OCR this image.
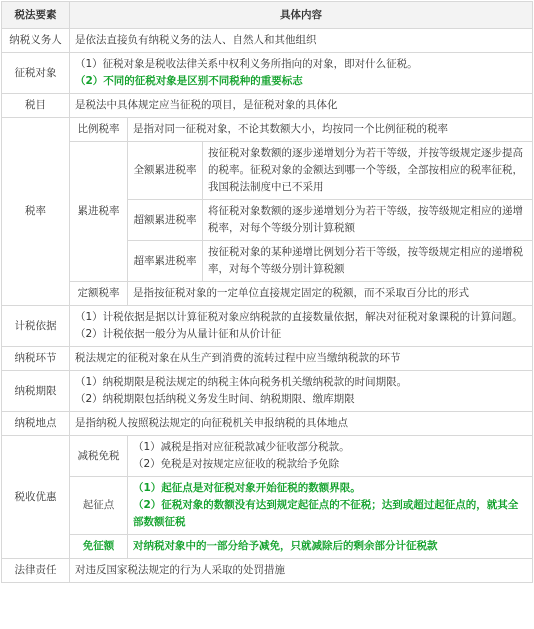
税法要素	具体内容		
纳税义务人	是依法直接负有纳税义务的法人、自然人和其他组织		
征税对象	（1）征税对象是税收法律关系中权利义务所指向的对象，即对什么征税。
（2）不同的征税对象是区别不同税种的重要标志		

税目	是税法中具体规定应当征税的项目，是征税对象的具体化		
税率	比例税率	是指对同一征税对象，不论其数额大小，均按同一个比例征税的税率	
	累进税率	全额累进税率	按征税对象数额的逐步递增划分为若干等级，并按等级规定逐步提高的税率。征税对象的金额达到哪一个等级，全部按相应的税率征税，我国税法制度中已不采用
		超额累进税率	将征税对象数额的逐步递增划分为若干等级，按等级规定相应的递增税率，对每个等级分别计算税额
		超率累进税率	按征税对象的某种递增比例划分若干等级，按等级规定相应的递增税率，对每个等级分别计算税额
	定额税率	是指按征税对象的一定单位直接规定固定的税额，而不采取百分比的形式	
计税依据	（1）计税依据是据以计算征税对象应纳税款的直接数量依据，解决对征税对象课税的计算问题。
（2）计税依据一般分为从量计征和从价计征		

纳税环节	税法规定的征税对象在从生产到消费的流转过程中应当缴纳税款的环节		
纳税期限	（1）纳税期限是税法规定的纳税主体向税务机关缴纳税款的时间期限。
（2）纳税期限包括纳税义务发生时间、纳税期限、缴库期限		

纳税地点	是指纳税人按照税法规定的向征税机关申报纳税的具体地点		
税收优惠	减税免税	（1）减税是指对应征税款减少征收部分税款。
（2）免税是对按规定应征收的税款给予免除	

	起征点	（1）起征点是对征税对象开始征税的数额界限。
（2）征税对象的数额没有达到规定起征点的不征税；达到或超过起征点的，就其全部数额征税	

	免征额	对纳税对象中的一部分给予减免，只就减除后的剩余部分计征税款	
法律责任	对违反国家税法规定的行为人采取的处罚措施		
